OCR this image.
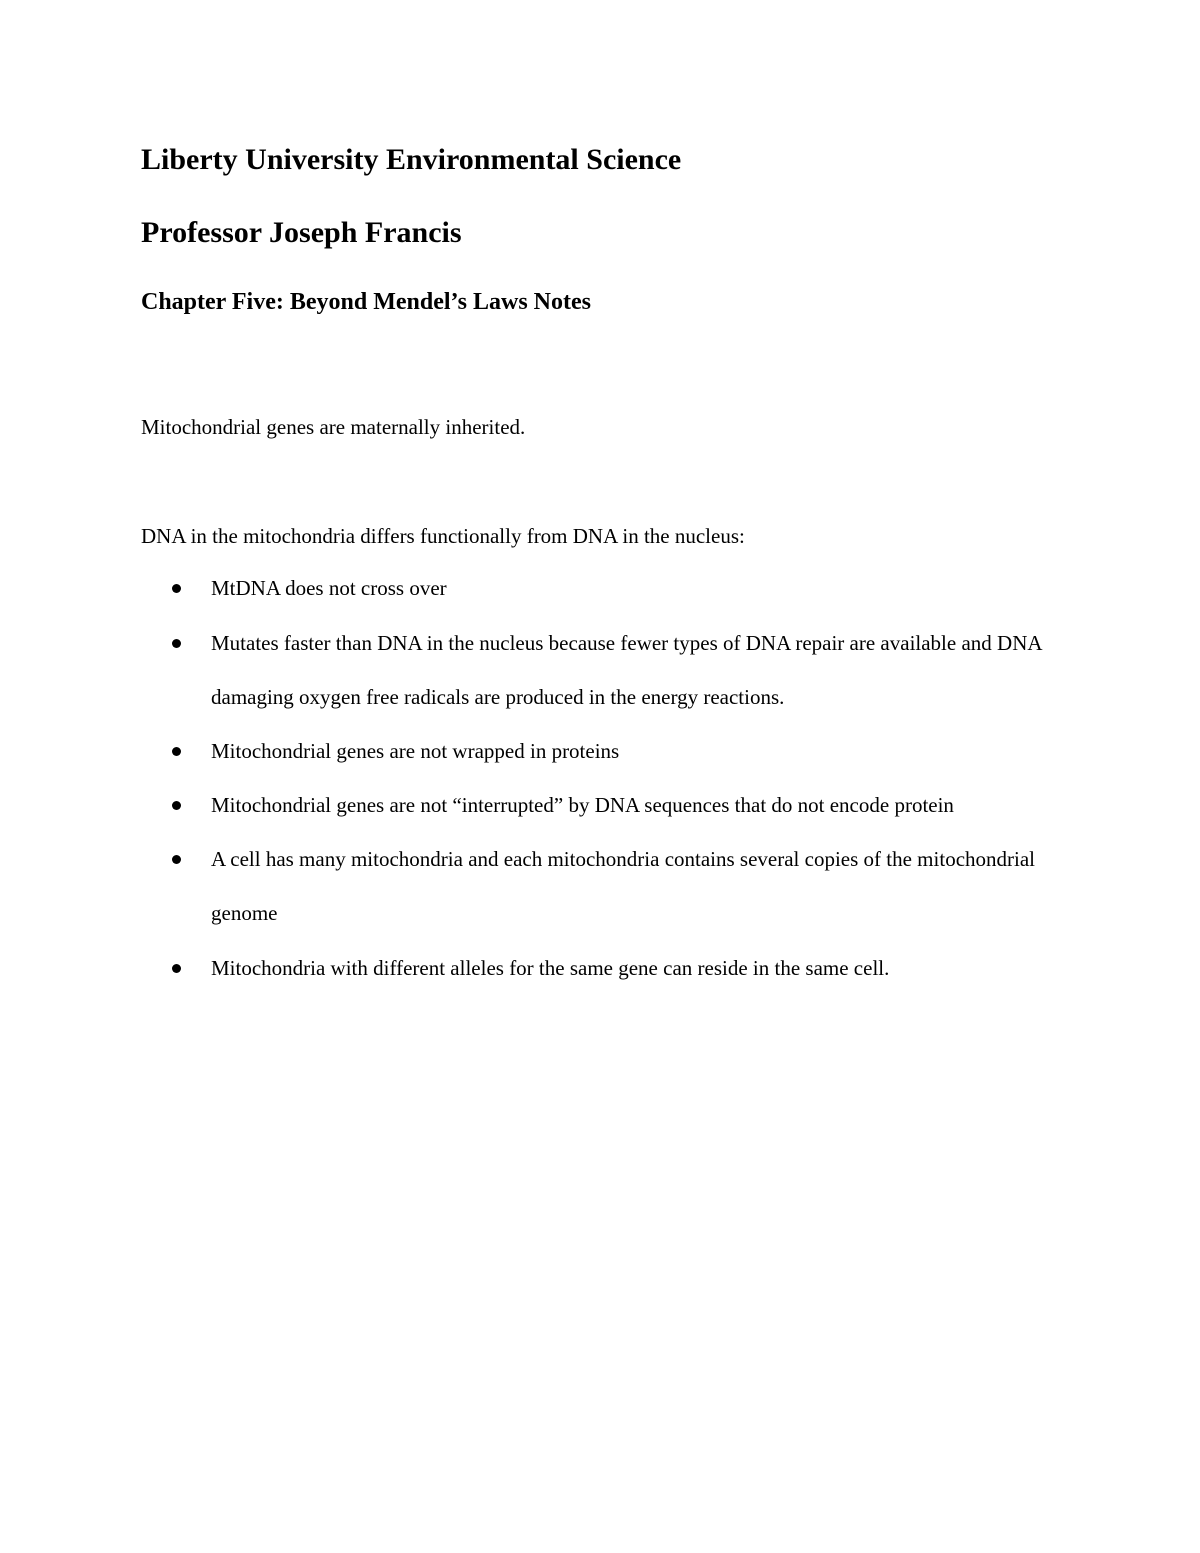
Liberty University Environmental Science
Professor Joseph Francis
Chapter Five: Beyond Mendel’s Laws Notes

Mitochondrial genes are maternally inherited.

DNA in the mitochondria differs functionally from DNA in the nucleus:

MtDNA does not cross over
Mutates faster than DNA in the nucleus because fewer types of DNA repair are available and DNA damaging oxygen free radicals are produced in the energy reactions.
Mitochondrial genes are not wrapped in proteins
Mitochondrial genes are not “interrupted” by DNA sequences that do not encode protein
A cell has many mitochondria and each mitochondria contains several copies of the mitochondrial genome
Mitochondria with different alleles for the same gene can reside in the same cell.
